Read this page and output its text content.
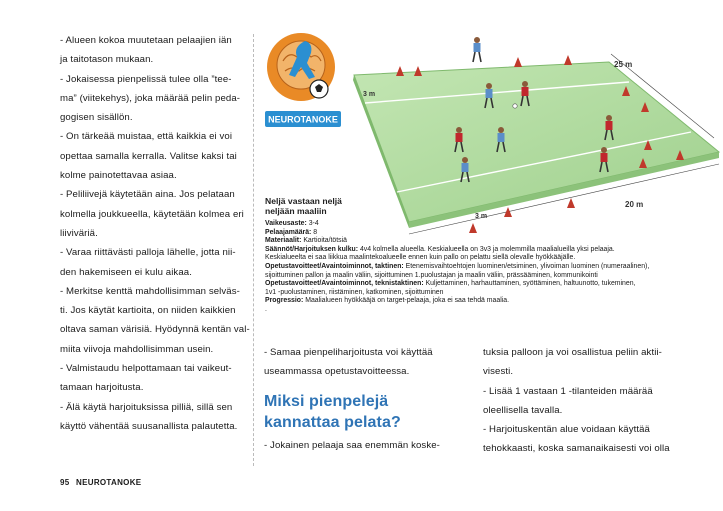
- Alueen kokoa muutetaan pelaajien iän

ja taitotason mukaan.

- Jokaisessa pienpelissä tulee olla ”tee-

ma” (viitekehys), joka määrää pelin peda-

gogisen sisällön.

- On tärkeää muistaa, että kaikkia ei voi

opettaa samalla kerralla. Valitse kaksi tai

kolme painotettavaa asiaa.

- Peliliivejä käytetään aina. Jos pelataan

kolmella joukkueella, käytetään kolmea eri

liiviväriä.

- Varaa riittävästi palloja lähelle, jotta nii-

den hakemiseen ei kulu aikaa.

- Merkitse kenttä mahdollisimman selväs-

ti. Jos käytät kartioita, on niiden kaikkien

oltava saman värisiä. Hyödynnä kentän val-

miita viivoja mahdollisimman usein.

- Valmistaudu helpottamaan tai vaikeut-

tamaan harjoitusta.

- Älä käytä harjoituksissa pilliä, sillä sen

käyttö vähentää suusanallista palautetta.

25 m
20 m
3 m
3 m
NEUROTANOKE
Neljä vastaan neljä
neljään maaliin
Vaikeusaste: 3-4
Pelaajamäärä: 8
Materiaalit: Kartioita/tötsiä
Säännöt/Harjoituksen kulku: 4v4 kolmella alueella. Keskialueella on 3v3 ja molemmilla maalialueilla yksi pelaaja.
Keskialueelta ei saa liikkua maalintekoalueelle ennen kuin pallo on pelattu siellä olevalle hyökkääjälle.
Opetustavoitteet/Avaintoiminnot, taktinen: Etenemisvaihtoehtojen luominen/etsiminen, ylivoiman luominen (numeraalinen),
sijoittuminen pallon ja maalin väliin, sijoittuminen 1.puolustajan ja maalin väliin, prässääminen, kommunikointi
Opetustavoitteet/Avaintoiminnot, teknistaktinen: Kuljettaminen, harhauttaminen, syöttäminen, haltuunotto, tukeminen,
1v1 -puolustaminen, riistäminen, katkominen, sijoittuminen
Progressio: Maalialueen hyökkääjä on target-pelaaja, joka ei saa tehdä maalia.
.

- Samaa pienpeliharjoitusta voi käyttää

useammassa opetustavoitteessa.

Miksi pienpelejä
kannattaa pelata?

- Jokainen pelaaja saa enemmän koske-

tuksia palloon ja voi osallistua peliin aktii-

visesti.

- Lisää 1 vastaan 1 -tilanteiden määrää

oleellisella tavalla.

- Harjoituskentän alue voidaan käyttää

tehokkaasti, koska samanaikaisesti voi olla

95 NEUROTANOKE
